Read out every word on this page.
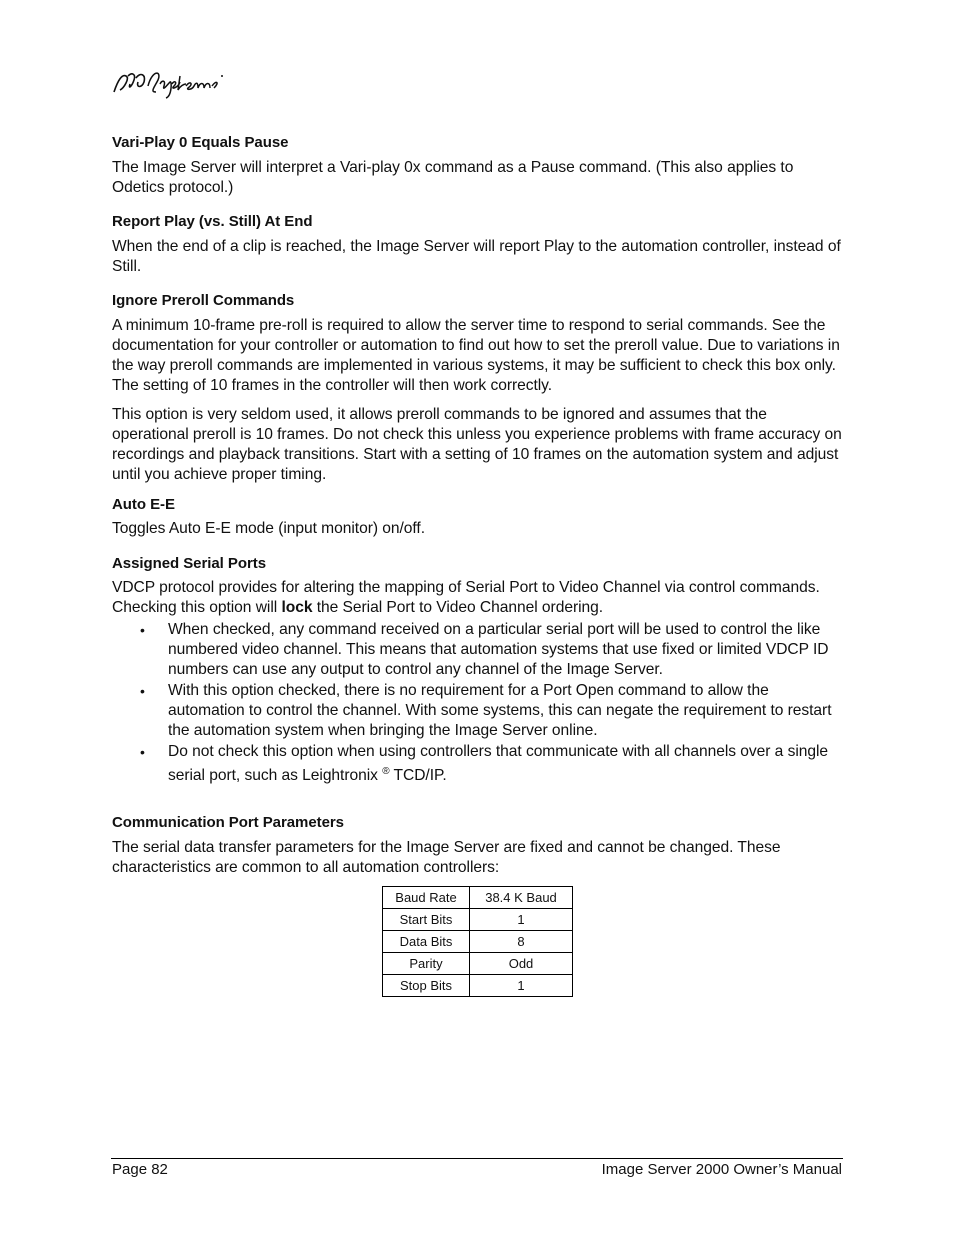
Vari-Play 0 Equals Pause

The Image Server will interpret a Vari-play 0x command as a Pause command. (This also applies to Odetics protocol.)

Report Play (vs. Still) At End

When the end of a clip is reached, the Image Server will report Play to the automation controller, instead of Still.

Ignore Preroll Commands

A minimum 10-frame pre-roll is required to allow the server time to respond to serial commands. See the documentation for your controller or automation to find out how to set the preroll value. Due to variations in the way preroll commands are implemented in various systems, it may be sufficient to check this box only. The setting of 10 frames in the controller will then work correctly.

This option is very seldom used, it allows preroll commands to be ignored and assumes that the operational preroll is 10 frames. Do not check this unless you experience problems with frame accuracy on recordings and playback transitions. Start with a setting of 10 frames on the automation system and adjust until you achieve proper timing.

Auto E-E

Toggles Auto E-E mode (input monitor) on/off.

Assigned Serial Ports

VDCP protocol provides for altering the mapping of Serial Port to Video Channel via control commands. Checking this option will lock the Serial Port to Video Channel ordering.

• When checked, any command received on a particular serial port will be used to control the like numbered video channel. This means that automation systems that use fixed or limited VDCP ID numbers can use any output to control any channel of the Image Server.
• With this option checked, there is no requirement for a Port Open command to allow the automation to control the channel. With some systems, this can negate the requirement to restart the automation system when bringing the Image Server online.
• Do not check this option when using controllers that communicate with all channels over a single serial port, such as Leightronix ® TCD/IP.
Communication Port Parameters

The serial data transfer parameters for the Image Server are fixed and cannot be changed. These characteristics are common to all automation controllers:

Baud Rate	38.4 K Baud
Start Bits	1
Data Bits	8
Parity	Odd
Stop Bits	1
Page 82	Image Server 2000 Owner’s Manual
